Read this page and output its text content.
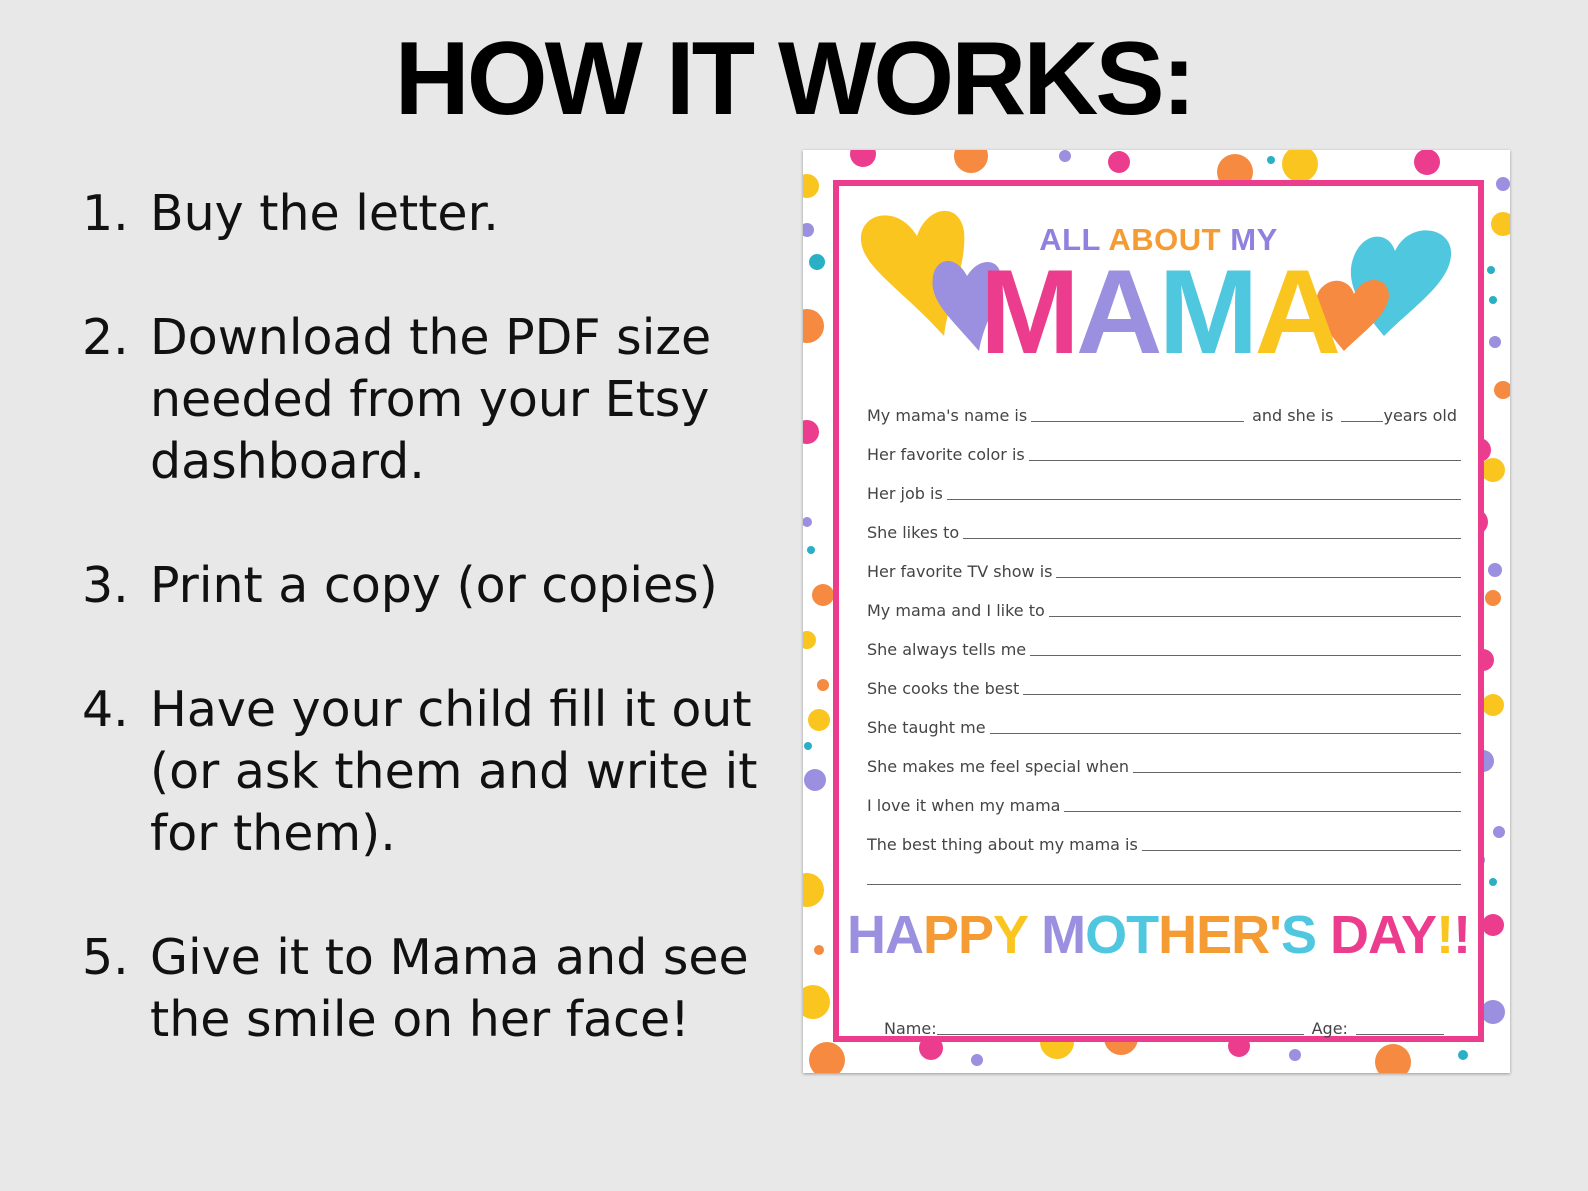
HOW IT WORKS:
1. Buy the letter.
2. Download the PDF size needed from your Etsy dashboard.
3. Print a copy (or copies)
4. Have your child fill it out (or ask them and write it for them).
5. Give it to Mama and see the smile on her face!
ALL ABOUT MY
MAMA
My mama's name is	and she is	years old
Her favorite color is
Her job is
She likes to
Her favorite TV show is
My mama and I like to
She always tells me
She cooks the best
She taught me
She makes me feel special when
I love it when my mama
The best thing about my mama is
HAPPY MOTHER'S DAY!!
Name:	Age:
